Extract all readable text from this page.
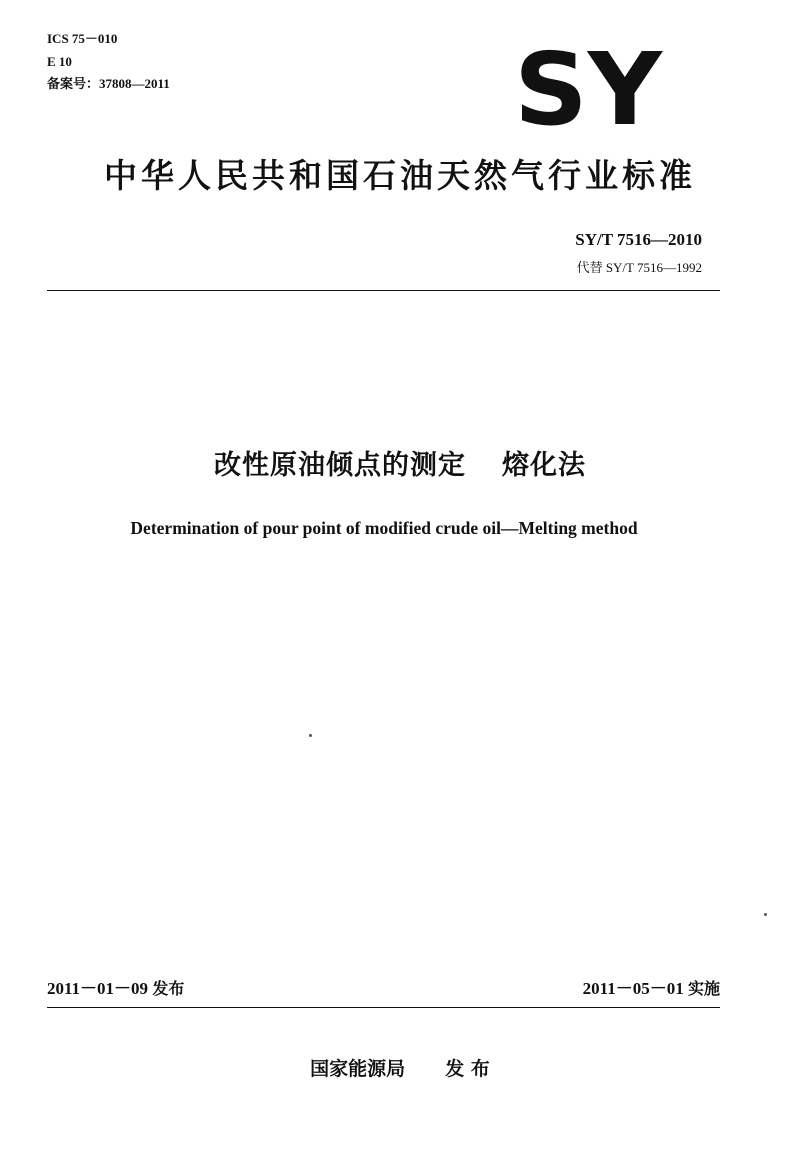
ICS 75－010
E 10
备案号：37808—2011	SY
中华人民共和国石油天然气行业标准
SY/T 7516—2010
代替 SY/T 7516—1992
改性原油倾点的测定 熔化法
Determination of pour point of modified crude oil—Melting method
2011－01－09 发布	2011－05－01 实施
国家能源局 发 布
